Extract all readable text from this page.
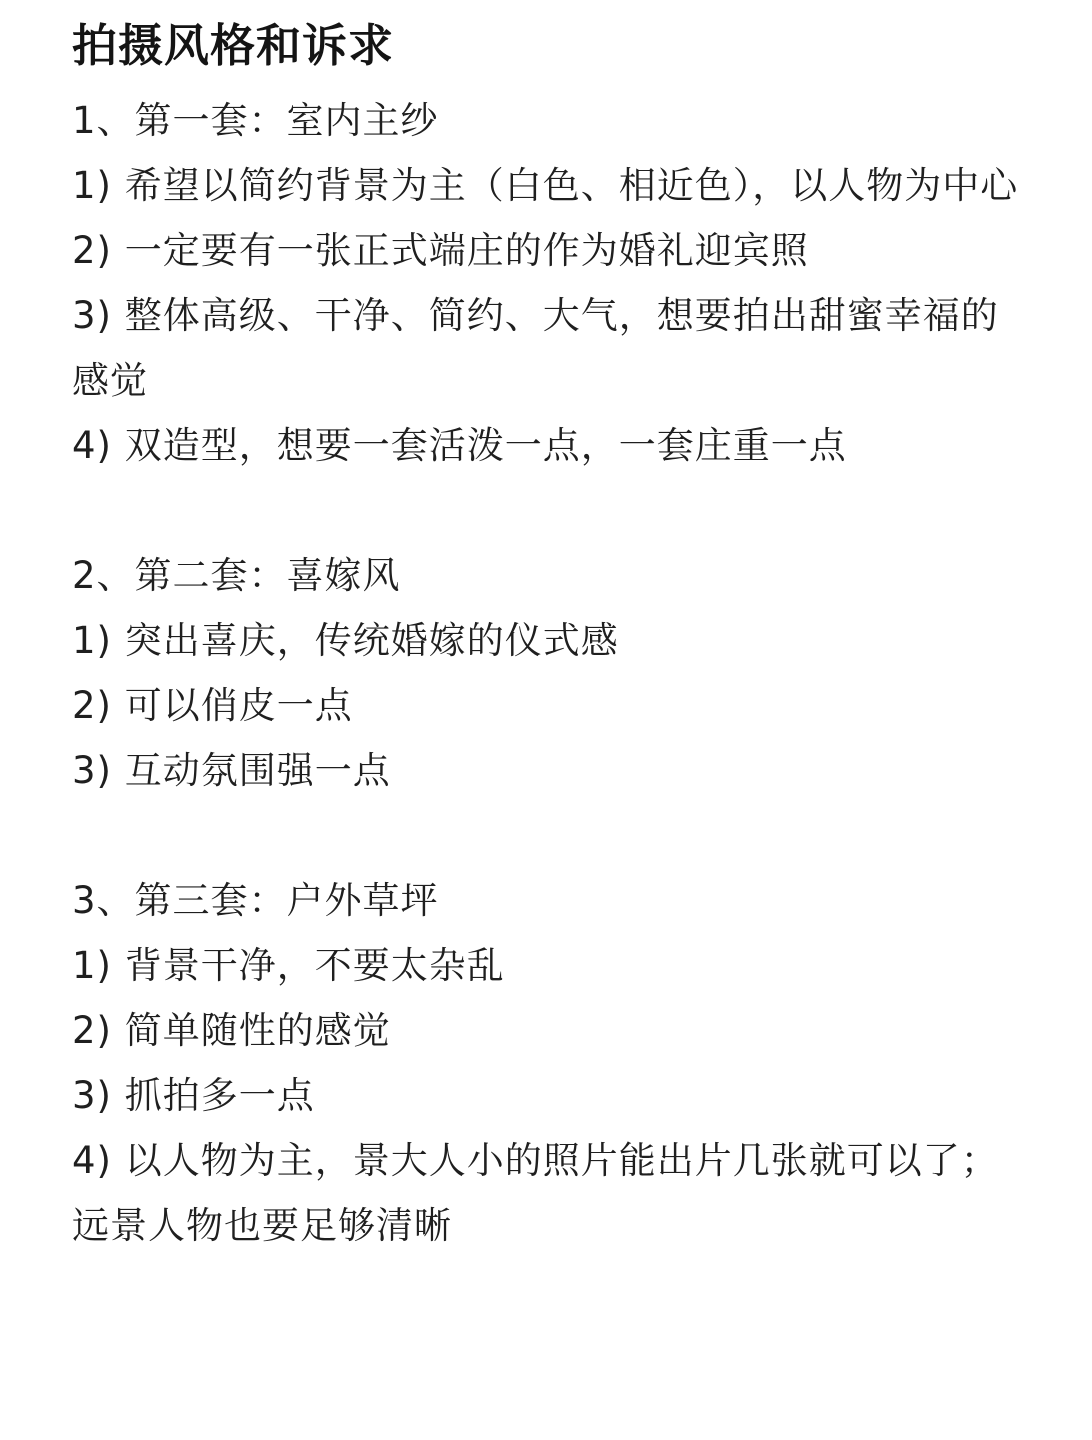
拍摄风格和诉求
1、第一套：室内主纱
1) 希望以简约背景为主（白色、相近色），以人物为中心
2) 一定要有一张正式端庄的作为婚礼迎宾照
3) 整体高级、干净、简约、大气，想要拍出甜蜜幸福的感觉
4) 双造型，想要一套活泼一点，一套庄重一点
2、第二套：喜嫁风
1) 突出喜庆，传统婚嫁的仪式感
2) 可以俏皮一点
3) 互动氛围强一点
3、第三套：户外草坪
1) 背景干净，不要太杂乱
2) 简单随性的感觉
3) 抓拍多一点
4) 以人物为主，景大人小的照片能出片几张就可以了；远景人物也要足够清晰
